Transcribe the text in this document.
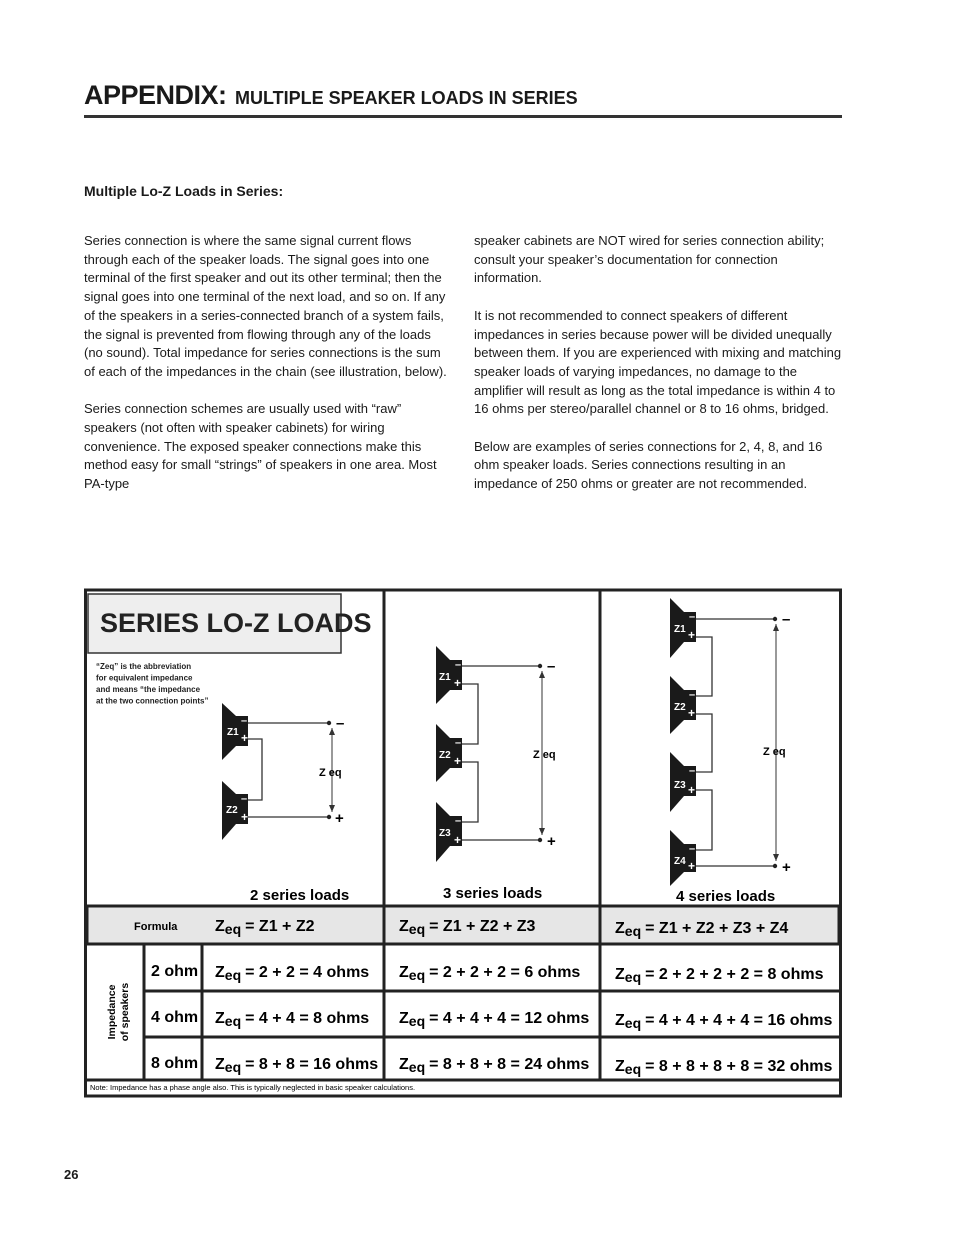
APPENDIX: MULTIPLE SPEAKER LOADS IN SERIES
Multiple Lo-Z Loads in Series:

Series connection is where the same signal current flows through each of the speaker loads. The signal goes into one terminal of the first speaker and out its other terminal; then the signal goes into one terminal of the next load, and so on. If any of the speakers in a series-connected branch of a system fails, the signal is prevented from flowing through any of the loads (no sound). Total impedance for series connections is the sum of each of the impedances in the chain (see illustration, below).

Series connection schemes are usually used with “raw” speakers (not often with speaker cabinets) for wiring convenience. The exposed speaker connections make this method easy for small “strings” of speakers in one area. Most PA-type

speaker cabinets are NOT wired for series connection ability; consult your speaker’s documentation for connection information.

It is not recommended to connect speakers of different impedances in series because power will be divided unequally between them. If you are experienced with mixing and matching speaker loads of varying impedances, no damage to the amplifier will result as long as the total impedance is within 4 to 16 ohms per stereo/parallel channel or 8 to 16 ohms, bridged.

Below are examples of series connections for 2, 4, 8, and 16 ohm speaker loads. Series connections resulting in an impedance of 250 ohms or greater are not recommended.

SERIES LO-Z LOADS
“Zeq” is the abbreviation
for equivalent impedance
and means “the impedance
at the two connection points”
–
+
Z eq
Z1
–
+
Z2
–
+
2 series loads
–
+
Z eq
Z1
–
+
Z2
–
+
Z3
–
+
3 series loads
–
+
Z eq
Z1
–
+
Z2
–
+
Z3
–
+
Z4
–
+
4 series loads
Formula Zeq = Z1 + Z2	Zeq = Z1 + Z2 + Z3	Zeq = Z1 + Z2 + Z3 + Z4
Impedance of speakers
2 ohm Zeq = 2 + 2 = 4 ohms Zeq = 2 + 2 + 2 = 6 ohms Zeq = 2 + 2 + 2 + 2 = 8 ohms
4 ohm Zeq = 4 + 4 = 8 ohms Zeq = 4 + 4 + 4 = 12 ohms Zeq = 4 + 4 + 4 + 4 = 16 ohms
8 ohm Zeq = 8 + 8 = 16 ohms Zeq = 8 + 8 + 8 = 24 ohms Zeq = 8 + 8 + 8 + 8 = 32 ohms
Note: Impedance has a phase angle also. This is typically neglected in basic speaker calculations.
26
